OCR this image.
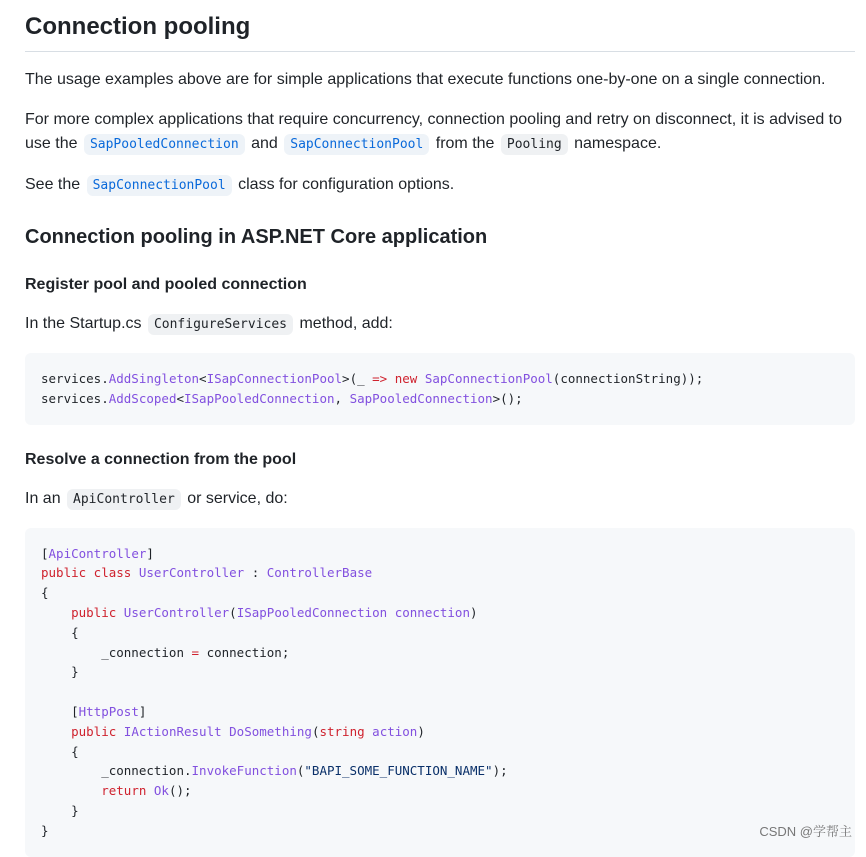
Connection pooling

The usage examples above are for simple applications that execute functions one-by-one on a single connection.

For more complex applications that require concurrency, connection pooling and retry on disconnect, it is advised to use the SapPooledConnection and SapConnectionPool from the Pooling namespace.

See the SapConnectionPool class for configuration options.

Connection pooling in ASP.NET Core application
Register pool and pooled connection

In the Startup.cs ConfigureServices method, add:

services.AddSingleton<ISapConnectionPool>(_ => new SapConnectionPool(connectionString));
services.AddScoped<ISapPooledConnection, SapPooledConnection>();
Resolve a connection from the pool

In an ApiController or service, do:

[ApiController]
public class UserController : ControllerBase
{
public UserController(ISapPooledConnection connection)
{
_connection = connection;
}

[HttpPost]
public IActionResult DoSomething(string action)
{
_connection.InvokeFunction("BAPI_SOME_FUNCTION_NAME");
return Ok();
}
}	CSDN @学帮主
